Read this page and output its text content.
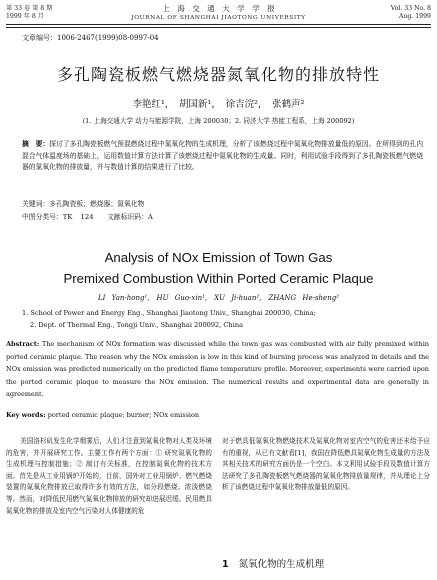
第 33 卷 第 8 期
1999 年 8 月
上　海　交　通　大　学　学　报
JOURNAL OF SHANGHAI JIAOTONG UNIVERSITY
Vol. 33 No. 8
Aug. 1999
文章编号：1006-2467(1999)08-0997-04
多孔陶瓷板燃气燃烧器氮氧化物的排放特性
李艳红¹，　胡国新¹，　徐吉浣²，　张鹤声²
(1. 上海交通大学 动力与能源学院，上海 200030；2. 同济大学 热能工程系，上海 200092)
摘　要：探讨了多孔陶瓷板燃气预混燃烧过程中氮氧化物的生成机理，分析了该燃烧过程中氮氧化物排放量低的原因。在所得到的孔内混合气体温度场的基础上，运用数值计算方法计算了该燃烧过程中氮氧化物的生成量。同时，利用试验手段得到了多孔陶瓷板燃气燃烧器的氮氧化物的排放量，并与数值计算的结果进行了比较。
关键词：多孔陶瓷板；燃烧器；氮氧化物
中图分类号：TK 124　　文献标识码：A
Analysis of NOx Emission of Town Gas
Premixed Combustion Within Ported Ceramic Plaque
LI Yan-hong¹,　HU Guo-xin¹,　XU Ji-huan²,　ZHANG He-sheng²
1. School of Power and Energy Eng., Shanghai Jiaotong Univ., Shanghai 200030, China;
2. Dept. of Thermal Eng., Tongji Univ., Shanghai 200092, China
Abstract: The mechanism of NOx formation was discussed while the town gas was combusted with air fully premixed within ported ceramic plaque. The reason why the NOx emission is low in this kind of burning process was analyzed in details and the NOx emission was predicted numerically on the predicted flame temperature profile. Moreover, experiments were carried upon the ported ceramic plaque to measure the NOx emission. The numerical results and experimental data are generally in agreement.
Key words: ported ceramic plaque; burner; NOx emission
美国洛杉矶发生化学烟雾后，人们才注意到氮氧化物对人类及环境的危害，并开展研究工作。主要工作有两个方面：① 研究氮氧化物的生成机理与控制措施；② 制订有关标准，在控制氮氧化物的技术方面。首先是从工业用锅炉开始的，目前，国外对工业用锅炉、燃气燃烧装置的氮氧化物排放已取得许多有效的方法，如分段燃烧、浓淡燃烧等。然而，对降低民用燃气氮氧化物排放的研究却进展迟缓。民用燃具氮氧化物的排放及室内空气污染对人体健康的危
对于燃具低氮氧化物燃烧技术及氮氧化物对室内空气的危害还未给予应有的重视，从已有文献看[1]，我国在降低燃具氮氧化物生成量的方法及其相关技术的研究方面仍是一个空白。本文利用试验手段及数值计算方法研究了多孔陶瓷板燃气燃烧器的氮氧化物排放量规律，并从理论上分析了该燃烧过程中氮氧化物排放量低的原因。
1 氮氧化物的生成机理
